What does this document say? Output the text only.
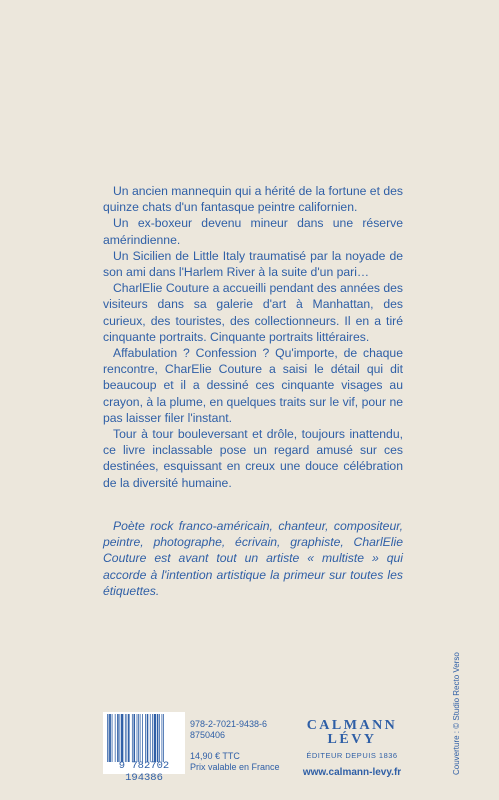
Un ancien mannequin qui a hérité de la fortune et des quinze chats d'un fantasque peintre californien.

Un ex-boxeur devenu mineur dans une réserve amérindienne.

Un Sicilien de Little Italy traumatisé par la noyade de son ami dans l'Harlem River à la suite d'un pari…

CharlElie Couture a accueilli pendant des années des visiteurs dans sa galerie d'art à Manhattan, des curieux, des touristes, des collectionneurs. Il en a tiré cinquante portraits. Cinquante portraits littéraires.

Affabulation ? Confession ? Qu'importe, de chaque rencontre, CharElie Couture a saisi le détail qui dit beaucoup et il a dessiné ces cinquante visages au crayon, à la plume, en quelques traits sur le vif, pour ne pas laisser filer l'instant.

Tour à tour bouleversant et drôle, toujours inattendu, ce livre inclassable pose un regard amusé sur ces destinées, esquissant en creux une douce célébration de la diversité humaine.

Poète rock franco-américain, chanteur, compositeur, peintre, photographe, écrivain, graphiste, CharlElie Couture est avant tout un artiste « multiste » qui accorde à l'intention artistique la primeur sur toutes les étiquettes.

Couverture : © Studio Recto Verso
9 782702 194386
978-2-7021-9438-6
8750406
14,90 € TTC
Prix valable en France
CALMANN
LÉVY
ÉDITEUR DEPUIS 1836
www.calmann-levy.fr
